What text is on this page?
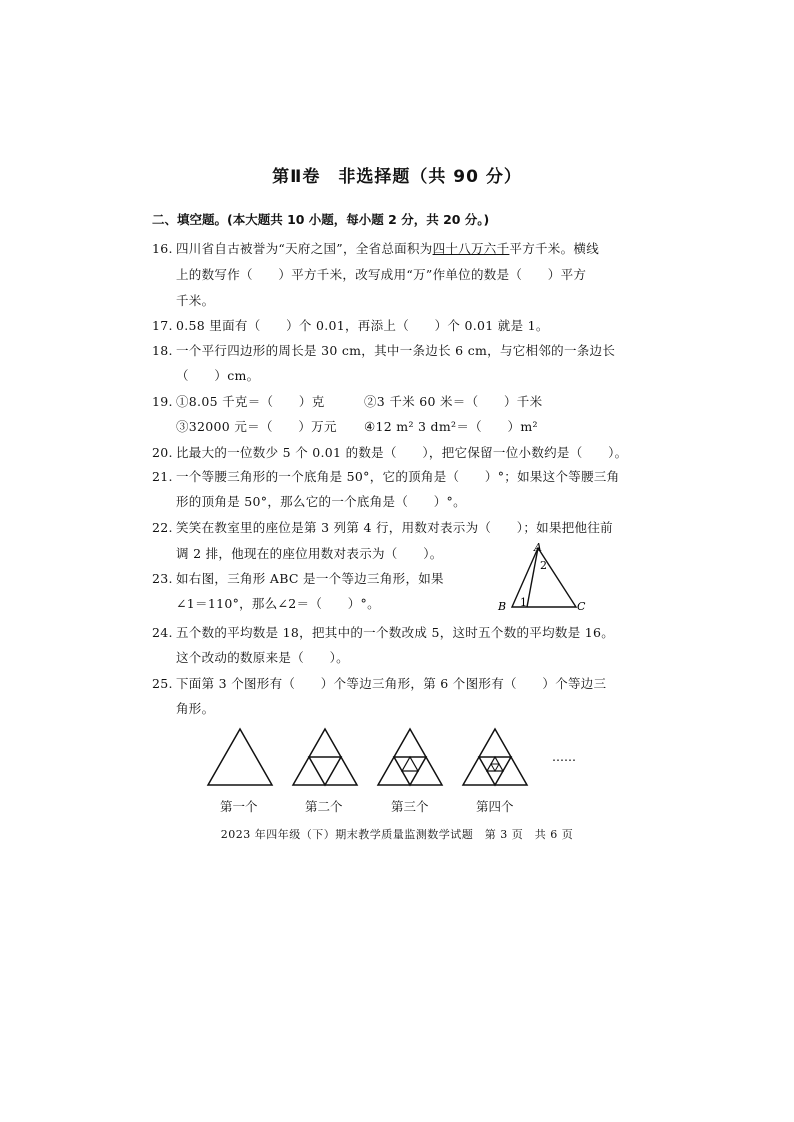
第Ⅱ卷　非选择题（共 90 分）
二、填空题。(本大题共 10 小题，每小题 2 分，共 20 分。)
16. 四川省自古被誉为“天府之国”，全省总面积为四十八万六千平方千米。横线
上的数写作（　　）平方千米，改写成用“万”作单位的数是（　　）平方
千米。
17. 0.58 里面有（　　）个 0.01，再添上（　　）个 0.01 就是 1。
18. 一个平行四边形的周长是 30 cm，其中一条边长 6 cm，与它相邻的一条边长
（　　）cm。
19. ①8.05 千克＝（　　）克	②3 千米 60 米＝（　　）千米
③32000 元＝（　　）万元 ④12 m² 3 dm²＝（　　）m²
20. 比最大的一位数少 5 个 0.01 的数是（　　），把它保留一位小数约是（　　）。
21. 一个等腰三角形的一个底角是 50°，它的顶角是（　　）°；如果这个等腰三角
形的顶角是 50°，那么它的一个底角是（　　）°。
22. 笑笑在教室里的座位是第 3 列第 4 行，用数对表示为（　　）；如果把他往前
调 2 排，他现在的座位用数对表示为（　　）。
23. 如右图，三角形 ABC 是一个等边三角形，如果
∠1＝110°，那么∠2＝（　　）°。
A
B	C
1
2
24. 五个数的平均数是 18，把其中的一个数改成 5，这时五个数的平均数是 16。
这个改动的数原来是（　　）。
25. 下面第 3 个图形有（　　）个等边三角形，第 6 个图形有（　　）个等边三
角形。
……
第一个	第二个	第三个	第四个
2023 年四年级（下）期末教学质量监测数学试题　第 3 页　共 6 页
